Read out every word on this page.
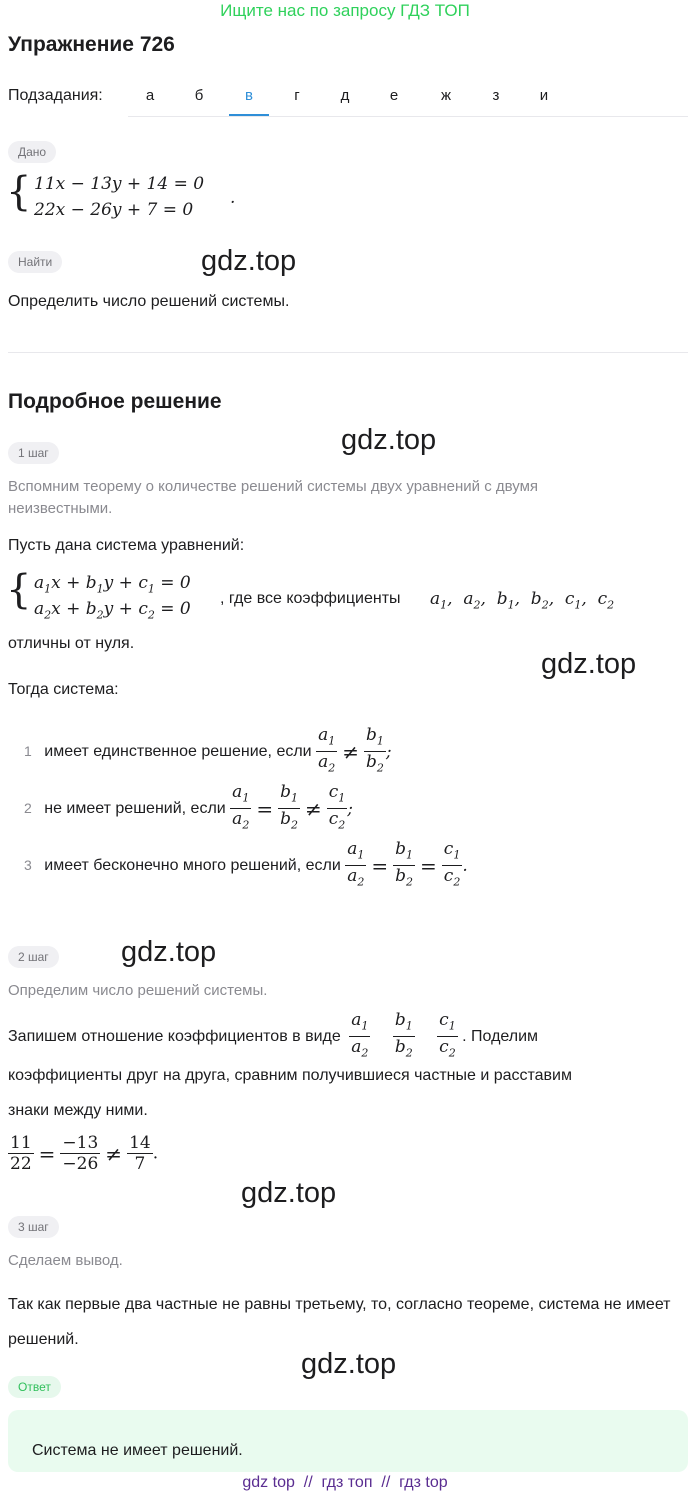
Ищите нас по запросу ГДЗ ТОП
Упражнение 726
Подзадания:	а	б	в	г	д	е	ж	з	и
Дано
{ 11x − 13y + 14 = 0
22x − 26y + 7 = 0
.
Найти	gdz.top
Определить число решений системы.
Подробное решение
1 шаг	gdz.top
Вспомним теорему о количестве решений системы двух уравнений с двумя неизвестными.
Пусть дана система уравнений:
{ $a_1x + b_1y + c_1 = 0$
$a_2x + b_2y + c_2 = 0$
, где все коэффициенты $a_1$,  $a_2$,  $b_1$,  $b_2$,  $c_1$,  $c_2$
отличны от нуля.
gdz.top
Тогда система:
1 имеет единственное решение, если $\frac{a_1}{a_2} \ne \frac{b_1}{b_2}$ ;
2 не имеет решений, если $\frac{a_1}{a_2} = \frac{b_1}{b_2} \ne \frac{c_1}{c_2}$ ;
3 имеет бесконечно много решений, если $\frac{a_1}{a_2} = \frac{b_1}{b_2} = \frac{c_1}{c_2}$ .
2 шаг	gdz.top
Определим число решений системы.
Запишем отношение коэффициентов в виде $\frac{a_1}{a_2}$
$\frac{b_1}{b_2}$
$\frac{c_1}{c_2}$ . Поделим
коэффициенты друг на друга, сравним получившиеся частные и расставим
знаки между ними.
$\frac{11}{22} = \frac{-13}{-26} \ne \frac{14}{7}$ .
gdz.top
3 шаг
Сделаем вывод.
Так как первые два частные не равны третьему, то, согласно теореме, система не имеет решений.
gdz.top
Ответ
Система не имеет решений.
gdz top  //  гдз топ  //  гдз top
